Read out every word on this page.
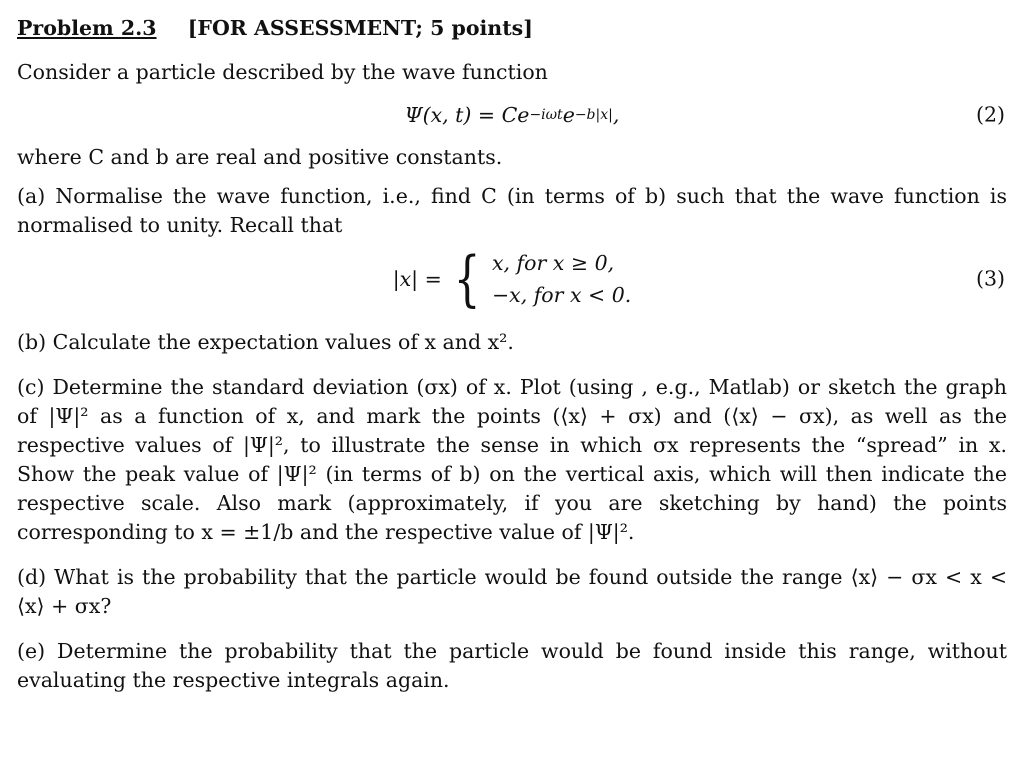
Problem 2.3 [FOR ASSESSMENT; 5 points]

Consider a particle described by the wave function

Ψ(x, t) = Ce −iωt e −b|x| ,	(2)

where C and b are real and positive constants.

(a) Normalise the wave function, i.e., find C (in terms of b) such that the wave function is normalised to unity. Recall that

|x| = { x, for x ≥ 0,
−x, for x < 0.
(3)

(b) Calculate the expectation values of x and x².

(c) Determine the standard deviation (σx) of x. Plot (using , e.g., Matlab) or sketch the graph of |Ψ|² as a function of x, and mark the points (⟨x⟩ + σx) and (⟨x⟩ − σx), as well as the respective values of |Ψ|², to illustrate the sense in which σx represents the “spread” in x. Show the peak value of |Ψ|² (in terms of b) on the vertical axis, which will then indicate the respective scale. Also mark (approximately, if you are sketching by hand) the points corresponding to x = ±1/b and the respective value of |Ψ|².

(d) What is the probability that the particle would be found outside the range ⟨x⟩ − σx < x < ⟨x⟩ + σx?

(e) Determine the probability that the particle would be found inside this range, without evaluating the respective integrals again.
